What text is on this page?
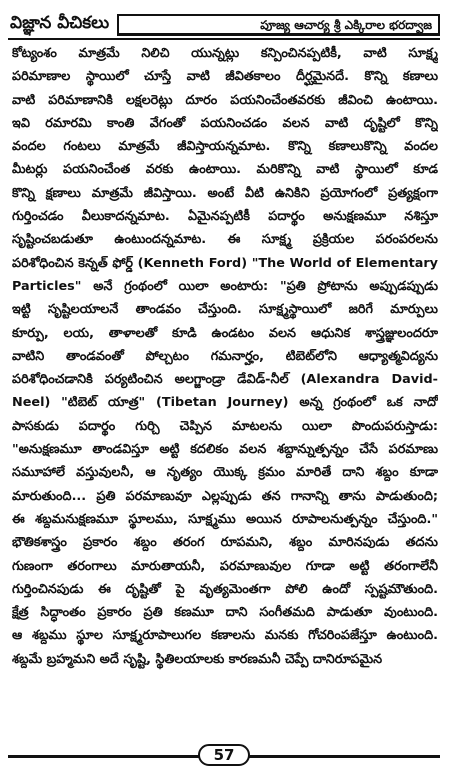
విజ్ఞాన వీచికలు	పూజ్య ఆచార్య శ్రీ ఎక్కిరాల భరద్వాజ
కోట్యంశం మాత్రమే నిలిచి యున్నట్లు కన్పించినప్పటికీ, వాటి సూక్ష్మ
పరిమాణాల స్థాయిలో చూస్తే వాటి జీవితకాలం దీర్ఘమైనదే. కొన్ని కణాలు
వాటి పరిమాణానికి లక్షలరెట్లు దూరం పయనించేంతవరకు జీవించి ఉంటాయి.
ఇవి రమారమి కాంతి వేగంతో పయనించడం వలన వాటి దృష్టిలో కొన్ని
వందల గంటలు మాత్రమే జీవిస్తాయన్నమాట. కొన్ని కణాలుకొన్ని వందల
మీటర్లు పయనించేంత వరకు ఉంటాయి. మరికొన్ని వాటి స్థాయిలో కూడ
కొన్ని క్షణాలు మాత్రమే జీవిస్తాయి. అంటే వీటి ఉనికిని ప్రయోగంలో ప్రత్యక్షంగా
గుర్తించడం వీలుకాదన్నమాట. ఏమైనప్పటికీ పదార్థం అనుక్షణమూ నశిస్తూ
సృష్టించబడుతూ ఉంటుందన్నమాట. ఈ సూక్ష్మ ప్రక్రియల పరంపరలను
పరిశోధించిన కెన్నత్ ఫోర్డ్ (Kenneth Ford) "The World of Elementary
Particles" అనే గ్రంథంలో యిలా అంటారు: "ప్రతి ప్రోటాను అప్పుడప్పుడు
ఇట్టి సృష్టిలయాలనే తాండవం చేస్తుంది. సూక్ష్మస్థాయిలో జరిగే మార్పులు
కూర్పు, లయ, తాళాలతో కూడి ఉండటం వలన ఆధునిక శాస్త్రజ్ఞులందరూ
వాటిని తాండవంతో పోల్చటం గమనార్హం, టిబెట్‌లోని ఆధ్యాత్మవిద్యను
పరిశోధించడానికి పర్యటించిన అలగ్జాండ్రా డేవిడ్-నీల్ (Alexandra David-
Neel) "టిబెట్ యాత్ర" (Tibetan Journey) అన్న గ్రంథంలో ఒక నాదో
పాసకుడు పదార్థం గుర్చి చెప్పిన మాటలను యిలా పొందుపరుస్తాడు:
"అనుక్షణమూ తాండవిస్తూ అట్టి కదలికం వలన శబ్దాన్నుత్పన్నం చేసే పరమాణు
సమూహాలే వస్తువులనీ, ఆ నృత్యం యొక్క క్రమం మారితే దాని శబ్దం కూడా
మారుతుంది... ప్రతి పరమాణువూ ఎల్లప్పుడు తన గానాన్ని తాను పాడుతుంది;
ఈ శబ్దమనుక్షణమూ స్థూలము, సూక్ష్మము అయిన రూపాలనుత్పన్నం చేస్తుంది."
భౌతికశాస్త్రం ప్రకారం శబ్దం తరంగ రూపమని, శబ్దం మారినపుడు తదను
గుణంగా తరంగాలు మారుతాయనీ, పరమాణువుల గూడా అట్టి తరంగాలేనీ
గుర్తించినపుడు ఈ దృష్టితో పై వృత్యమెంతగా పోలి ఉందో స్పష్టమౌతుంది.
క్షేత్ర సిద్ధాంతం ప్రకారం ప్రతి కణమూ దాని సంగీతమది పాడుతూ వుంటుంది.
ఆ శబ్దము స్థూల సూక్ష్మరూపాలుగల కణాలను మనకు గోచరింపజేస్తూ ఉంటుంది.
శబ్దమే బ్రహ్మమని అదే సృష్టి, స్థితిలయాలకు కారణమనీ చెప్పే దానిరూపమైన
57
